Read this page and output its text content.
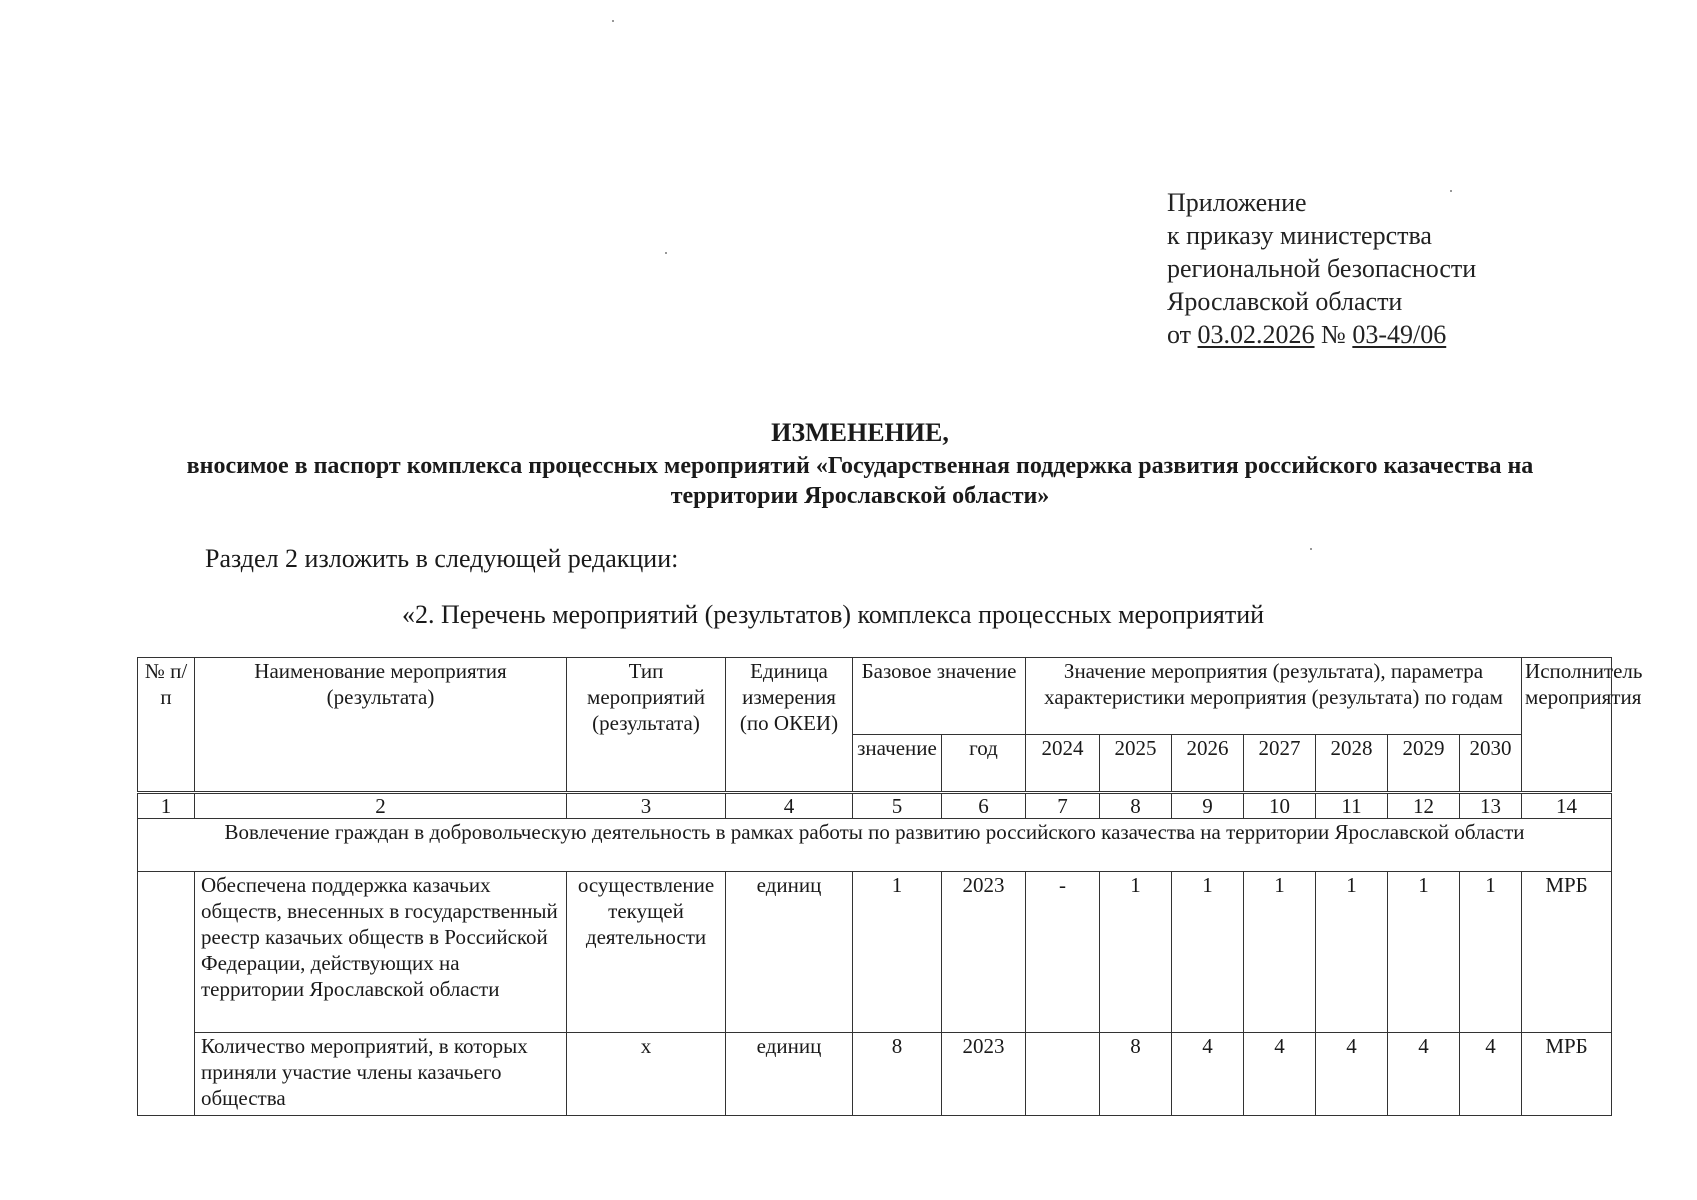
Приложение
к приказу министерства
региональной безопасности
Ярославской области
от 03.02.2026 № 03-49/06
ИЗМЕНЕНИЕ,
вносимое в паспорт комплекса процессных мероприятий «Государственная поддержка развития российского казачества на территории Ярославской области»
Раздел 2 изложить в следующей редакции:
«2. Перечень мероприятий (результатов) комплекса процессных мероприятий
№ п/п	Наименование мероприятия (результата)	Тип мероприятий (результата)	Единица измерения (по ОКЕИ)	Базовое значение		Значение мероприятия (результата), параметра характеристики мероприятия (результата) по годам							Исполнитель мероприятия
				значение	год	2024	2025	2026	2027	2028	2029	2030	
1	2	3	4	5	6	7	8	9	10	11	12	13	14
Вовлечение граждан в добровольческую деятельность в рамках работы по развитию российского казачества на территории Ярославской области													
	Обеспечена поддержка казачьих обществ, внесенных в государственный реестр казачьих обществ в Российской Федерации, действующих на территории Ярославской области	осуществление текущей деятельности	единиц	1	2023	-	1	1	1	1	1	1	МРБ
	Количество мероприятий, в которых приняли участие члены казачьего общества	х	единиц	8	2023		8	4	4	4	4	4	МРБ
